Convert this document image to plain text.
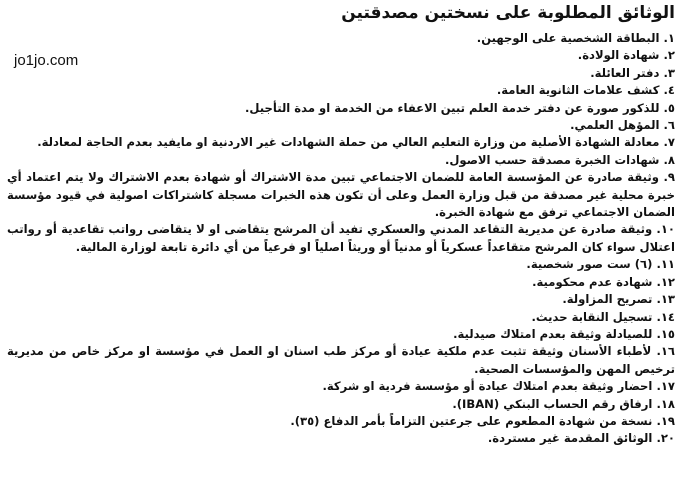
الوثائق المطلوبة على نسختين مصدقتين
jo1jo.com
١. البطاقة الشخصية على الوجهين.
٢. شهادة الولادة.
٣. دفتر العائلة.
٤. كشف علامات الثانوية العامة.
٥. للذكور صورة عن دفتر خدمة العلم تبين الاعفاء من الخدمة او مدة التأجيل.
٦. المؤهل العلمي.
٧. معادلة الشهادة الأصلية من وزارة التعليم العالي من حملة الشهادات غير الاردنية او مايفيد بعدم الحاجة لمعادلة.
٨. شهادات الخبرة مصدقة حسب الاصول.
٩. وثيقة صادرة عن المؤسسة العامة للضمان الاجتماعي تبين مدة الاشتراك أو شهادة بعدم الاشتراك ولا يتم اعتماد أي خبرة محلية غير مصدقة من قبل وزارة العمل وعلى أن تكون هذه الخبرات مسجلة كاشتراكات اصولية في قيود مؤسسة الضمان الاجتماعي ترفق مع شهادة الخبرة.
١٠. وثيقة صادرة عن مديرية التقاعد المدني والعسكري تفيد أن المرشح يتقاضى او لا يتقاضى رواتب تقاعدية أو رواتب اعتلال سواء كان المرشح متقاعداً عسكرياً أو مدنياً أو وريثاً اصلياً او فرعياً من أي دائرة تابعة لوزارة المالية.
١١. (٦) ست صور شخصية.
١٢. شهادة عدم محكومية.
١٣. تصريح المزاولة.
١٤. تسجيل النقابة حديث.
١٥. للصيادلة وثيقة بعدم امتلاك صيدلية.
١٦. لأطباء الأسنان وثيقة تثبت عدم ملكية عيادة أو مركز طب اسنان او العمل في مؤسسة او مركز خاص من مديرية ترخيص المهن والمؤسسات الصحية.
١٧. احضار وثيقة بعدم امتلاك عيادة أو مؤسسة فردية او شركة.
١٨. ارفاق رقم الحساب البنكي (IBAN).
١٩. نسخة من شهادة المطعوم على جرعتين التزاماً بأمر الدفاع (٣٥).
٢٠. الوثائق المقدمة غير مستردة.
